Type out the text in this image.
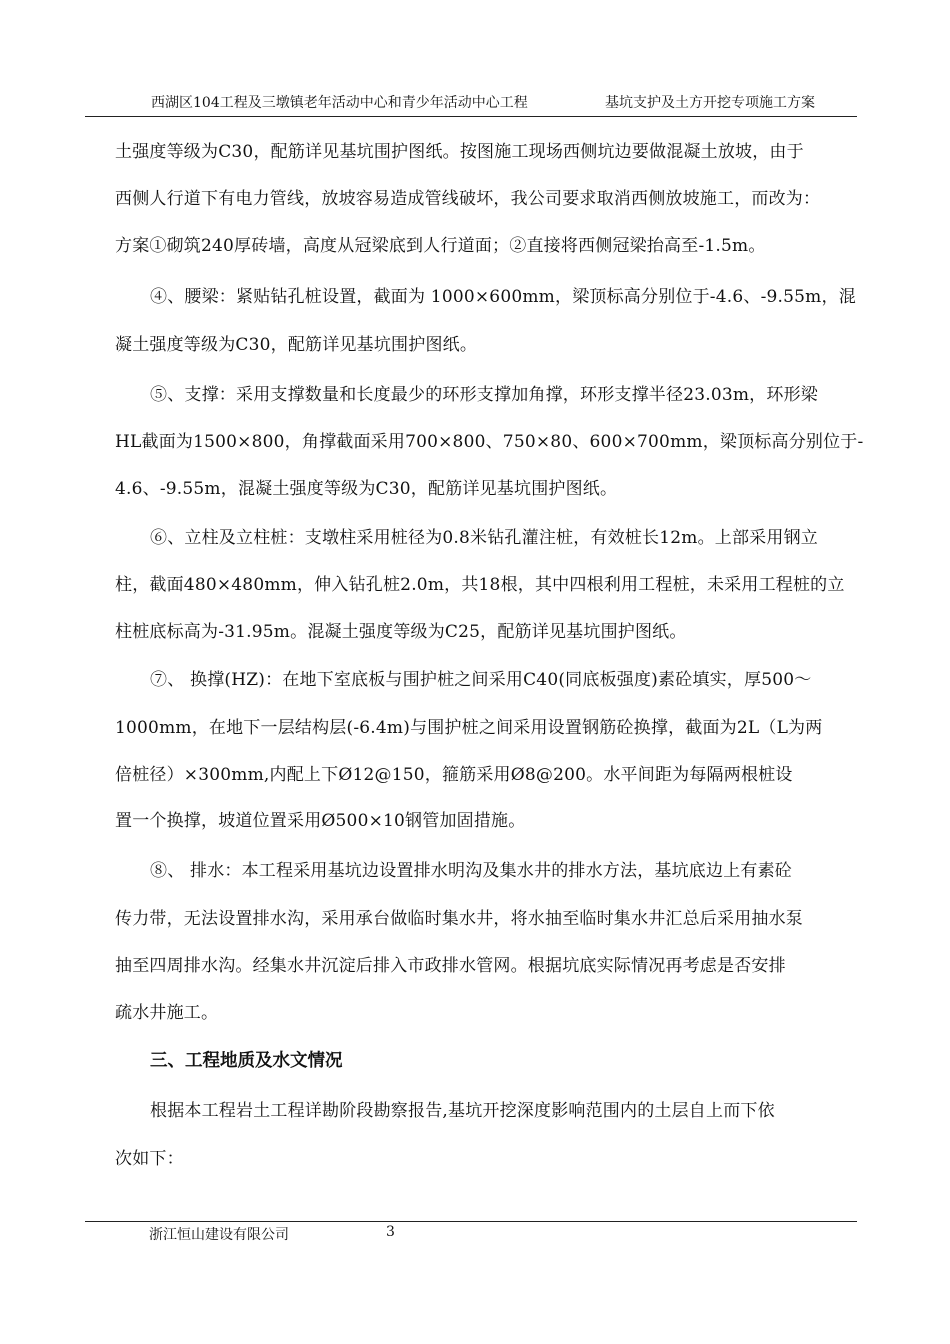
西湖区104工程及三墩镇老年活动中心和青少年活动中心工程	基坑支护及土方开挖专项施工方案
土强度等级为C30，配筋详见基坑围护图纸。按图施工现场西侧坑边要做混凝土放坡，由于
西侧人行道下有电力管线，放坡容易造成管线破坏，我公司要求取消西侧放坡施工，而改为：
方案①砌筑240厚砖墙，高度从冠梁底到人行道面；②直接将西侧冠梁抬高至-1.5m。
④、腰梁：紧贴钻孔桩设置，截面为 1000×600mm，梁顶标高分别位于-4.6、-9.55m，混
凝土强度等级为C30，配筋详见基坑围护图纸。
⑤、支撑：采用支撑数量和长度最少的环形支撑加角撑，环形支撑半径23.03m，环形梁
HL截面为1500×800，角撑截面采用700×800、750×80、600×700mm，梁顶标高分别位于-
4.6、-9.55m，混凝土强度等级为C30，配筋详见基坑围护图纸。
⑥、立柱及立柱桩：支墩柱采用桩径为0.8米钻孔灌注桩，有效桩长12m。上部采用钢立
柱，截面480×480mm，伸入钻孔桩2.0m，共18根，其中四根利用工程桩，未采用工程桩的立
柱桩底标高为-31.95m。混凝土强度等级为C25，配筋详见基坑围护图纸。
⑦、 换撑(HZ)：在地下室底板与围护桩之间采用C40(同底板强度)素砼填实，厚500～
1000mm，在地下一层结构层(-6.4m)与围护桩之间采用设置钢筋砼换撑，截面为2L（L为两
倍桩径）×300mm,内配上下Ø12@150，箍筋采用Ø8@200。水平间距为每隔两根桩设
置一个换撑，坡道位置采用Ø500×10钢管加固措施。
⑧、 排水：本工程采用基坑边设置排水明沟及集水井的排水方法，基坑底边上有素砼
传力带，无法设置排水沟，采用承台做临时集水井，将水抽至临时集水井汇总后采用抽水泵
抽至四周排水沟。经集水井沉淀后排入市政排水管网。根据坑底实际情况再考虑是否安排
疏水井施工。
三、工程地质及水文情况
根据本工程岩土工程详勘阶段勘察报告,基坑开挖深度影响范围内的土层自上而下依
次如下：
浙江恒山建设有限公司	3
